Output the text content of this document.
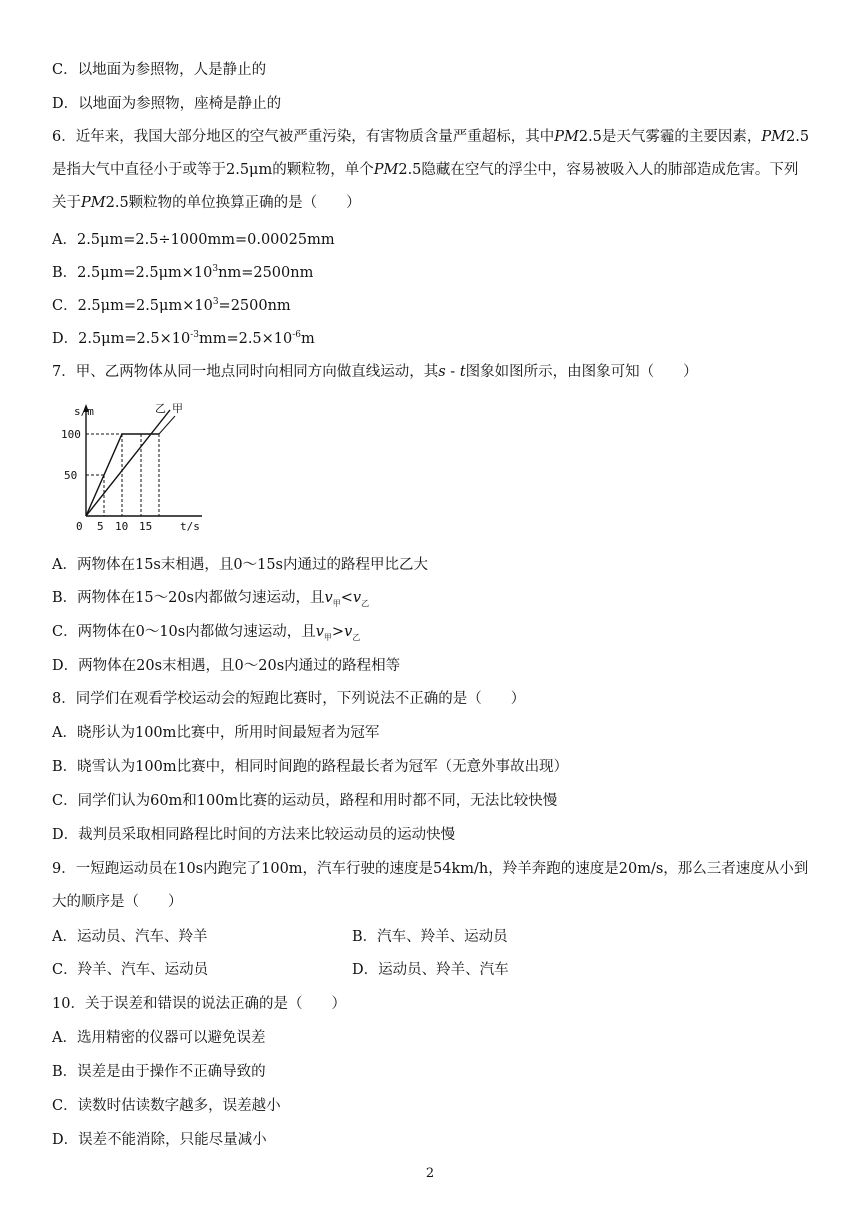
C．以地面为参照物，人是静止的
D．以地面为参照物，座椅是静止的
6．近年来，我国大部分地区的空气被严重污染，有害物质含量严重超标，其中PM2.5是天气雾霾的主要因素，PM2.5是指大气中直径小于或等于2.5μm的颗粒物，单个PM2.5隐藏在空气的浮尘中，容易被吸入人的肺部造成危害。下列关于PM2.5颗粒物的单位换算正确的是（　　）
A．2.5μm=2.5÷1000mm=0.00025mm
B．$2.5\mu m=2.5\mu m\times 10^3nm=2500nm$
C．$2.5\mu m=2.5\mu m\times 10^3=2500nm$
D．$2.5\mu m=2.5\times 10^{-3}mm=2.5\times 10^{-6}m$
7．甲、乙两物体从同一地点同时向相同方向做直线运动，其s - t图象如图所示，由图象可知（　　）
s/m
t/s
100
50
0 5 10 15
乙 甲
A．两物体在15s末相遇，且0～15s内通过的路程甲比乙大
B．两物体在15～20s内都做匀速运动，且$v_甲<v_乙$
C．两物体在0～10s内都做匀速运动，且$v_甲>v_乙$
D．两物体在20s末相遇，且0～20s内通过的路程相等
8．同学们在观看学校运动会的短跑比赛时，下列说法不正确的是（　　）
A．晓彤认为100m比赛中，所用时间最短者为冠军
B．晓雪认为100m比赛中，相同时间跑的路程最长者为冠军（无意外事故出现）
C．同学们认为60m和100m比赛的运动员，路程和用时都不同，无法比较快慢
D．裁判员采取相同路程比时间的方法来比较运动员的运动快慢
9．一短跑运动员在10s内跑完了100m，汽车行驶的速度是54km/h，羚羊奔跑的速度是20m/s，那么三者速度从小到大的顺序是（　　）
A．运动员、汽车、羚羊	B．汽车、羚羊、运动员
C．羚羊、汽车、运动员	D．运动员、羚羊、汽车
10．关于误差和错误的说法正确的是（　　）
A．选用精密的仪器可以避免误差
B．误差是由于操作不正确导致的
C．读数时估读数字越多，误差越小
D．误差不能消除，只能尽量减小
2
